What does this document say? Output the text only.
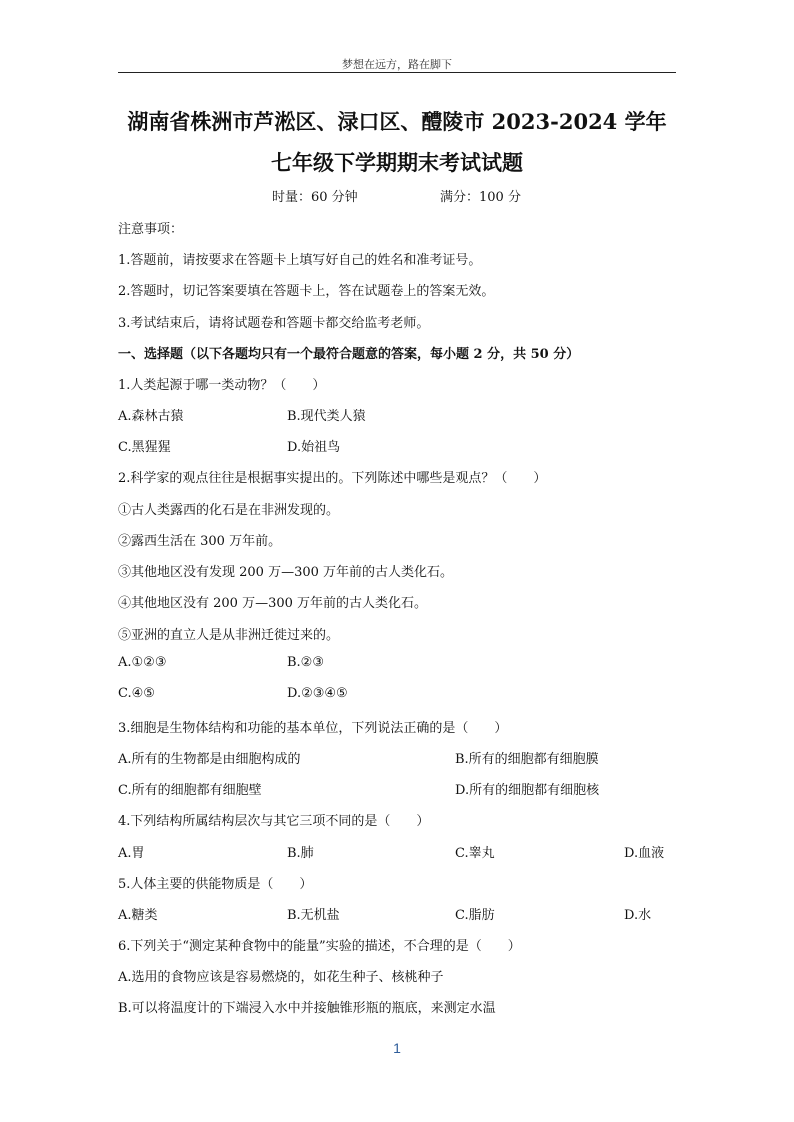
梦想在远方，路在脚下
湖南省株洲市芦淞区、渌口区、醴陵市 2023-2024 学年
七年级下学期期末考试试题
时量：60 分钟	满分：100 分
注意事项：
1.答题前，请按要求在答题卡上填写好自己的姓名和准考证号。
2.答题时，切记答案要填在答题卡上，答在试题卷上的答案无效。
3.考试结束后，请将试题卷和答题卡都交给监考老师。
一、选择题（以下各题均只有一个最符合题意的答案，每小题 2 分，共 50 分）
1.人类起源于哪一类动物？（　　）
A.森林古猿	B.现代类人猿
C.黑猩猩	D.始祖鸟
2.科学家的观点往往是根据事实提出的。下列陈述中哪些是观点？（　　）
①古人类露西的化石是在非洲发现的。
②露西生活在 300 万年前。
③其他地区没有发现 200 万—300 万年前的古人类化石。
④其他地区没有 200 万—300 万年前的古人类化石。
⑤亚洲的直立人是从非洲迁徙过来的。
A.①②③	B.②③
C.④⑤	D.②③④⑤
3.细胞是生物体结构和功能的基本单位，下列说法正确的是（　　）
A.所有的生物都是由细胞构成的	B.所有的细胞都有细胞膜
C.所有的细胞都有细胞壁	D.所有的细胞都有细胞核
4.下列结构所属结构层次与其它三项不同的是（　　）
A.胃	B.肺	C.睾丸	D.血液
5.人体主要的供能物质是（　　）
A.糖类	B.无机盐	C.脂肪	D.水
6.下列关于“测定某种食物中的能量”实验的描述，不合理的是（　　）
A.选用的食物应该是容易燃烧的，如花生种子、核桃种子
B.可以将温度计的下端浸入水中并接触锥形瓶的瓶底，来测定水温
1
